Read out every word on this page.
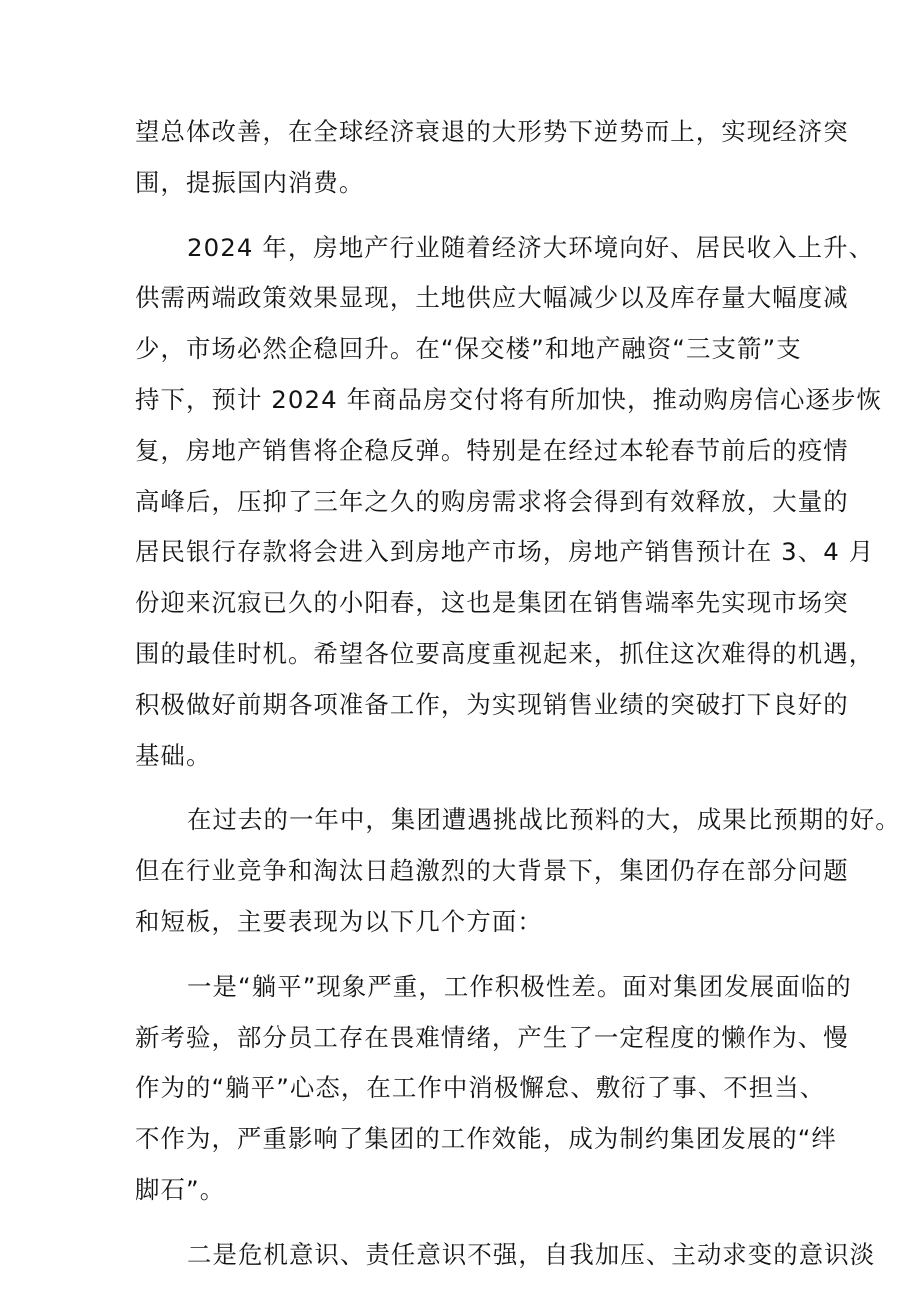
望总体改善，在全球经济衰退的大形势下逆势而上，实现经济突
围，提振国内消费。

2024 年，房地产行业随着经济大环境向好、居民收入上升、
供需两端政策效果显现，土地供应大幅减少以及库存量大幅度减
少，市场必然企稳回升。在“保交楼”和地产融资“三支箭”支
持下，预计 2024 年商品房交付将有所加快，推动购房信心逐步恢
复，房地产销售将企稳反弹。特别是在经过本轮春节前后的疫情
高峰后，压抑了三年之久的购房需求将会得到有效释放，大量的
居民银行存款将会进入到房地产市场，房地产销售预计在 3、4 月
份迎来沉寂已久的小阳春，这也是集团在销售端率先实现市场突
围的最佳时机。希望各位要高度重视起来，抓住这次难得的机遇，
积极做好前期各项准备工作，为实现销售业绩的突破打下良好的
基础。

在过去的一年中，集团遭遇挑战比预料的大，成果比预期的好。
但在行业竞争和淘汰日趋激烈的大背景下，集团仍存在部分问题
和短板，主要表现为以下几个方面：

一是“躺平”现象严重，工作积极性差。面对集团发展面临的
新考验，部分员工存在畏难情绪，产生了一定程度的懒作为、慢
作为的“躺平”心态，在工作中消极懈怠、敷衍了事、不担当、
不作为，严重影响了集团的工作效能，成为制约集团发展的“绊
脚石”。

二是危机意识、责任意识不强，自我加压、主动求变的意识淡
